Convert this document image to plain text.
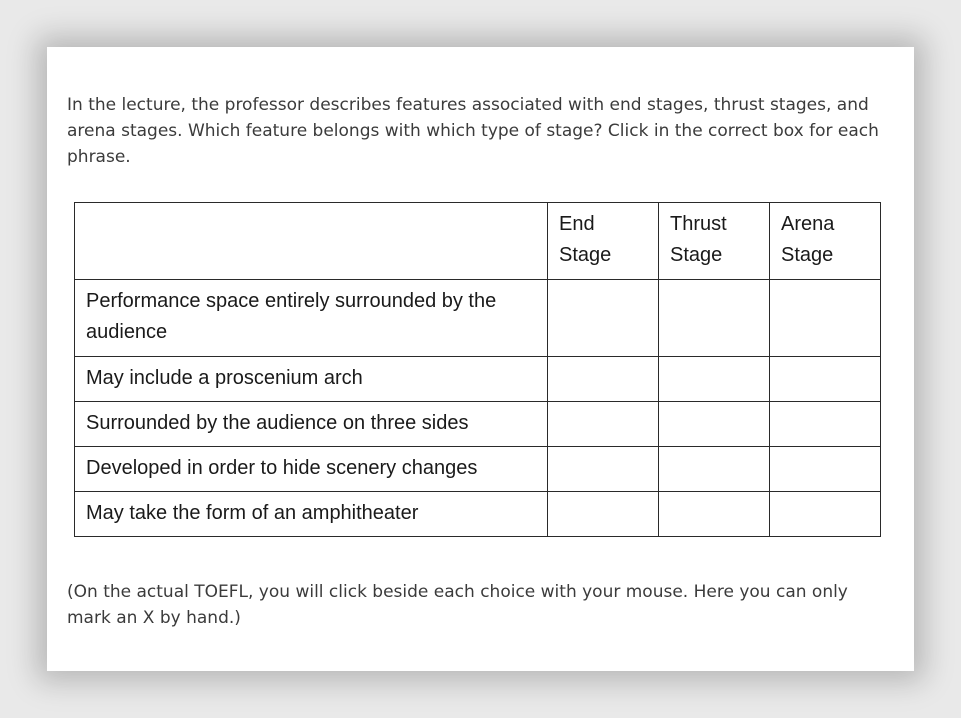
In the lecture, the professor describes features associated with end stages, thrust stages, and arena stages. Which feature belongs with which type of stage? Click in the correct box for each phrase.

	End Stage	Thrust Stage	Arena Stage

Performance space entirely surrounded by the audience			

May include a proscenium arch			

Surrounded by the audience on three sides			

Developed in order to hide scenery changes			

May take the form of an amphitheater			

(On the actual TOEFL, you will click beside each choice with your mouse. Here you can only mark an X by hand.)
